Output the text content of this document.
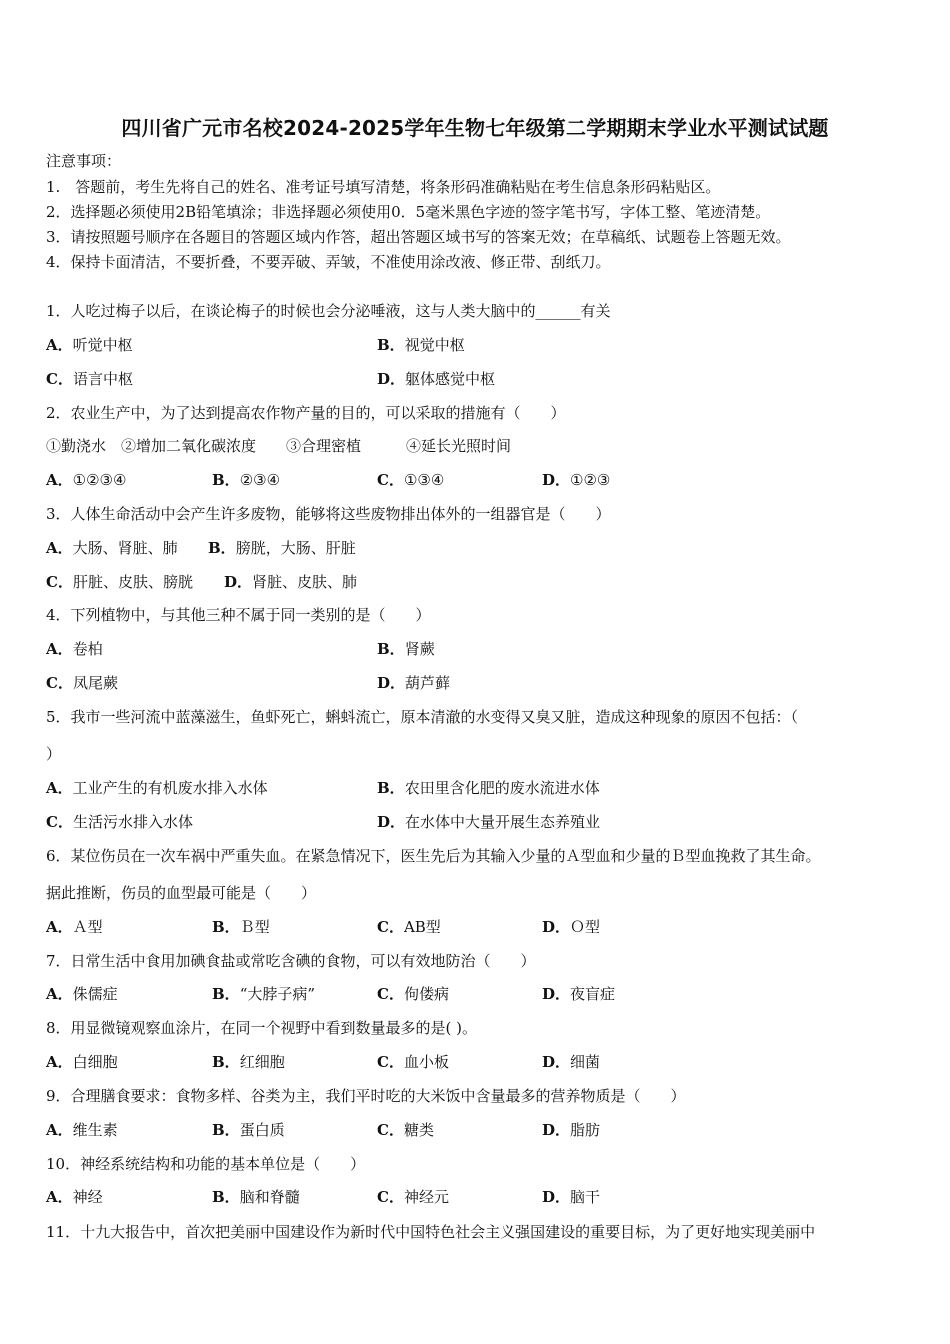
四川省广元市名校2024-2025学年生物七年级第二学期期末学业水平测试试题
注意事项：
1.　答题前，考生先将自己的姓名、准考证号填写清楚，将条形码准确粘贴在考生信息条形码粘贴区。
2．选择题必须使用2B铅笔填涂；非选择题必须使用0．5毫米黑色字迹的签字笔书写，字体工整、笔迹清楚。
3．请按照题号顺序在各题目的答题区域内作答，超出答题区域书写的答案无效；在草稿纸、试题卷上答题无效。
4．保持卡面清洁，不要折叠，不要弄破、弄皱，不准使用涂改液、修正带、刮纸刀。
1．人吃过梅子以后，在谈论梅子的时候也会分泌唾液，这与人类大脑中的______有关
A．听觉中枢	B．视觉中枢
C．语言中枢	D．躯体感觉中枢
2．农业生产中，为了达到提高农作物产量的目的，可以采取的措施有（　　）
①勤浇水　②增加二氧化碳浓度　　③合理密植　　　④延长光照时间
A．①②③④	B．②③④	C．①③④	D．①②③
3．人体生命活动中会产生许多废物，能够将这些废物排出体外的一组器官是（　　）
A．大肠、肾脏、肺 B．膀胱，大肠、肝脏
C．肝脏、皮肤、膀胱 D．肾脏、皮肤、肺
4．下列植物中，与其他三种不属于同一类别的是（　　）
A．卷柏	B．肾蕨
C．凤尾蕨	D．葫芦藓
5．我市一些河流中蓝藻滋生，鱼虾死亡，蝌蚪流亡，原本清澈的水变得又臭又脏，造成这种现象的原因不包括：（
）
A．工业产生的有机废水排入水体	B．农田里含化肥的废水流进水体
C．生活污水排入水体	D．在水体中大量开展生态养殖业
6．某位伤员在一次车祸中严重失血。在紧急情况下，医生先后为其输入少量的Ａ型血和少量的Ｂ型血挽救了其生命。
据此推断，伤员的血型最可能是（　　）
A．Ａ型	B．Ｂ型	C．AB型	D．Ｏ型
7．日常生活中食用加碘食盐或常吃含碘的食物，可以有效地防治（　　）
A．侏儒症	B．“大脖子病”	C．佝偻病	D．夜盲症
8．用显微镜观察血涂片，在同一个视野中看到数量最多的是( )。
A．白细胞	B．红细胞	C．血小板	D．细菌
9．合理膳食要求：食物多样、谷类为主，我们平时吃的大米饭中含量最多的营养物质是（　　）
A．维生素	B．蛋白质	C．糖类	D．脂肪
10．神经系统结构和功能的基本单位是（　　）
A．神经	B．脑和脊髓	C．神经元	D．脑干
11．十九大报告中，首次把美丽中国建设作为新时代中国特色社会主义强国建设的重要目标，为了更好地实现美丽中
